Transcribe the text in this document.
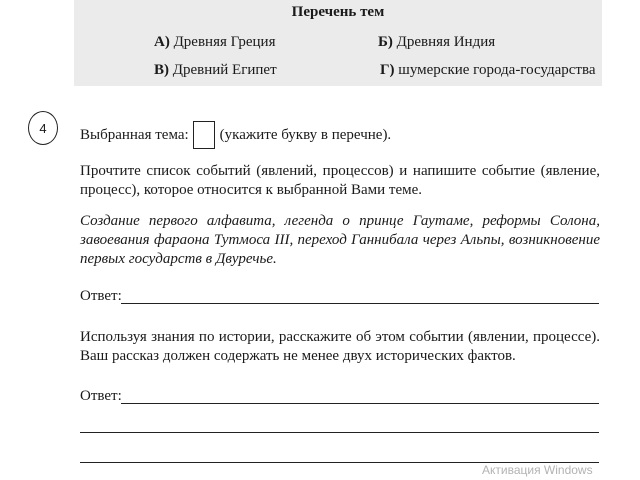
Перечень тем
А) Древняя Греция	Б) Древняя Индия
В) Древний Египет	Г) шумерские города-государства
4	Выбранная тема: (укажите букву в перечне).
Прочтите список событий (явлений, процессов) и напишите событие (явление, процесс), которое относится к выбранной Вами теме.
Создание первого алфавита, легенда о принце Гаутаме, реформы Солона, завоевания фараона Тутмоса III, переход Ганнибала через Альпы, возникновение первых государств в Двуречье.
Ответ:
Используя знания по истории, расскажите об этом событии (явлении, процессе). Ваш рассказ должен содержать не менее двух исторических фактов.
Ответ:
Активация Windows
